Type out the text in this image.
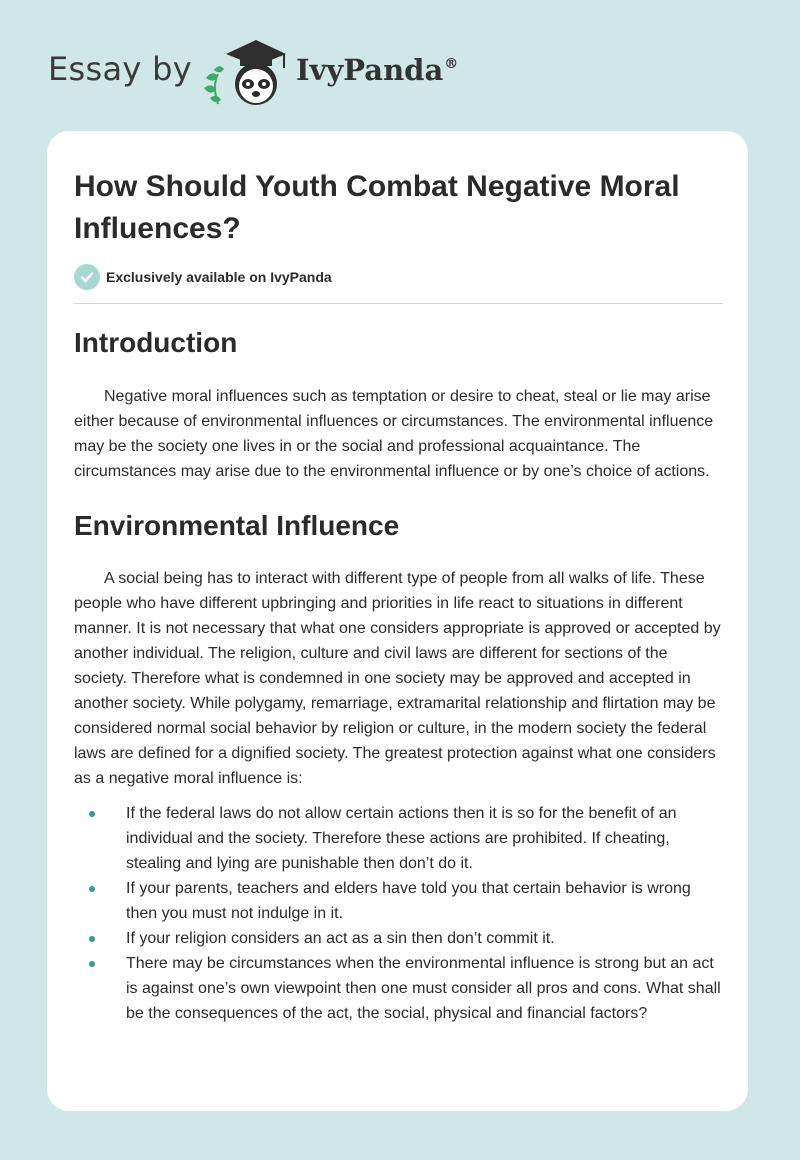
Essay by	IvyPanda®
How Should Youth Combat Negative Moral Influences?
Exclusively available on IvyPanda
Introduction

Negative moral influences such as temptation or desire to cheat, steal or lie may arise either because of environmental influences or circumstances. The environmental influence may be the society one lives in or the social and professional acquaintance. The circumstances may arise due to the environmental influence or by one’s choice of actions.

Environmental Influence

A social being has to interact with different type of people from all walks of life. These people who have different upbringing and priorities in life react to situations in different manner. It is not necessary that what one considers appropriate is approved or accepted by another individual. The religion, culture and civil laws are different for sections of the society. Therefore what is condemned in one society may be approved and accepted in another society. While polygamy, remarriage, extramarital relationship and flirtation may be considered normal social behavior by religion or culture, in the modern society the federal laws are defined for a dignified society. The greatest protection against what one considers as a negative moral influence is:

If the federal laws do not allow certain actions then it is so for the benefit of an individual and the society. Therefore these actions are prohibited. If cheating, stealing and lying are punishable then don’t do it.
If your parents, teachers and elders have told you that certain behavior is wrong then you must not indulge in it.
If your religion considers an act as a sin then don’t commit it.
There may be circumstances when the environmental influence is strong but an act is against one’s own viewpoint then one must consider all pros and cons. What shall be the consequences of the act, the social, physical and financial factors?
